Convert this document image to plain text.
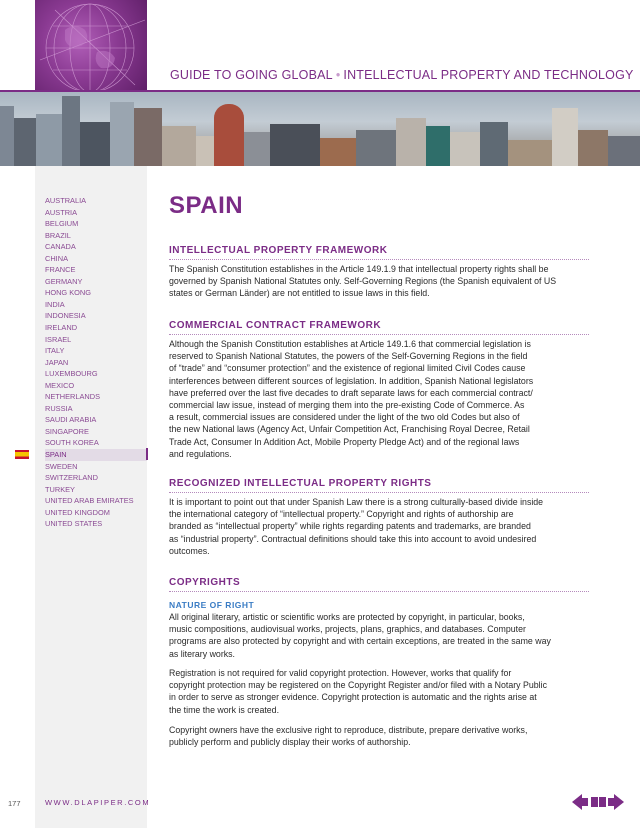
GUIDE TO GOING GLOBAL • INTELLECTUAL PROPERTY AND TECHNOLOGY
AUSTRALIA
AUSTRIA
BELGIUM
BRAZIL
CANADA
CHINA
FRANCE
GERMANY
HONG KONG
INDIA
INDONESIA
IRELAND
ISRAEL
ITALY
JAPAN
LUXEMBOURG
MEXICO
NETHERLANDS
RUSSIA
SAUDI ARABIA
SINGAPORE
SOUTH KOREA
SPAIN
SWEDEN
SWITZERLAND
TURKEY
UNITED ARAB EMIRATES
UNITED KINGDOM
UNITED STATES
SPAIN
INTELLECTUAL PROPERTY FRAMEWORK
The Spanish Constitution establishes in the Article 149.1.9 that intellectual property rights shall be
governed by Spanish National Statutes only. Self-Governing Regions (the Spanish equivalent of US
states or German Länder) are not entitled to issue laws in this field.
COMMERCIAL CONTRACT FRAMEWORK
Although the Spanish Constitution establishes at Article 149.1.6 that commercial legislation is
reserved to Spanish National Statutes, the powers of the Self-Governing Regions in the field
of “trade” and “consumer protection” and the existence of regional limited Civil Codes cause
interferences between different sources of legislation. In addition, Spanish National legislators
have preferred over the last five decades to draft separate laws for each commercial contract/
commercial law issue, instead of merging them into the pre-existing Code of Commerce. As
a result, commercial issues are considered under the light of the two old Codes but also of
the new National laws (Agency Act, Unfair Competition Act, Franchising Royal Decree, Retail
Trade Act, Consumer In Addition Act, Mobile Property Pledge Act) and of the regional laws
and regulations.
RECOGNIZED INTELLECTUAL PROPERTY RIGHTS
It is important to point out that under Spanish Law there is a strong culturally-based divide inside
the international category of “intellectual property.” Copyright and rights of authorship are
branded as “intellectual property” while rights regarding patents and trademarks, are branded
as “industrial property”. Contractual definitions should take this into account to avoid undesired
outcomes.
COPYRIGHTS
NATURE OF RIGHT
All original literary, artistic or scientific works are protected by copyright, in particular, books,
music compositions, audiovisual works, projects, plans, graphics, and databases. Computer
programs are also protected by copyright and with certain exceptions, are treated in the same way
as literary works.
Registration is not required for valid copyright protection. However, works that qualify for
copyright protection may be registered on the Copyright Register and/or filed with a Notary Public
in order to serve as stronger evidence. Copyright protection is automatic and the rights arise at
the time the work is created.
Copyright owners have the exclusive right to reproduce, distribute, prepare derivative works,
publicly perform and publicly display their works of authorship.
177	WWW.DLAPIPER.COM
